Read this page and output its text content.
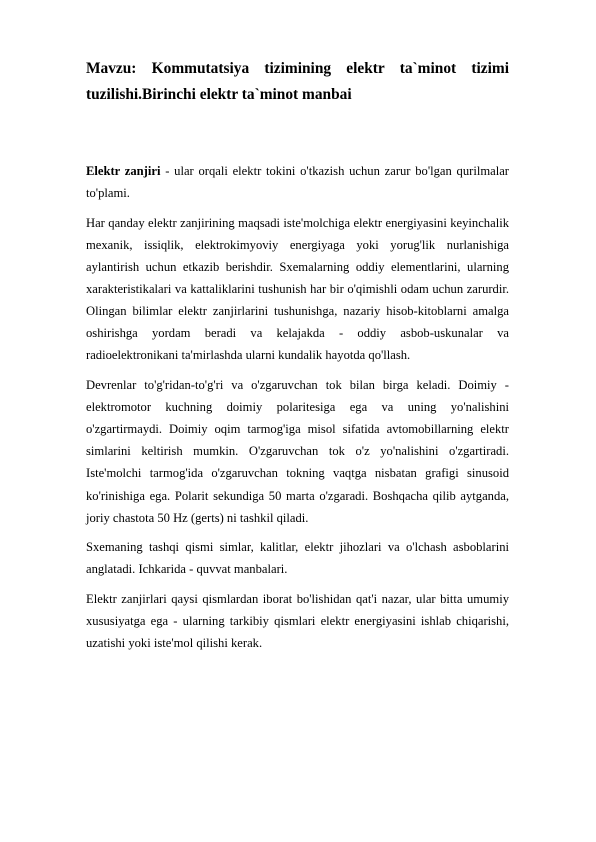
Mavzu: Kommutatsiya tizimining elektr ta`minot tizimi tuzilishi.Birinchi elektr ta`minot manbai

Elektr zanjiri - ular orqali elektr tokini o'tkazish uchun zarur bo'lgan qurilmalar to'plami.

Har qanday elektr zanjirining maqsadi iste'molchiga elektr energiyasini keyinchalik mexanik, issiqlik, elektrokimyoviy energiyaga yoki yorug'lik nurlanishiga aylantirish uchun etkazib berishdir. Sxemalarning oddiy elementlarini, ularning xarakteristikalari va kattaliklarini tushunish har bir o'qimishli odam uchun zarurdir. Olingan bilimlar elektr zanjirlarini tushunishga, nazariy hisob-kitoblarni amalga oshirishga yordam beradi va kelajakda - oddiy asbob-uskunalar va radioelektronikani ta'mirlashda ularni kundalik hayotda qo'llash.

Devrenlar to'g'ridan-to'g'ri va o'zgaruvchan tok bilan birga keladi. Doimiy - elektromotor kuchning doimiy polaritesiga ega va uning yo'nalishini o'zgartirmaydi. Doimiy oqim tarmog'iga misol sifatida avtomobillarning elektr simlarini keltirish mumkin. O'zgaruvchan tok o'z yo'nalishini o'zgartiradi. Iste'molchi tarmog'ida o'zgaruvchan tokning vaqtga nisbatan grafigi sinusoid ko'rinishiga ega. Polarit sekundiga 50 marta o'zgaradi. Boshqacha qilib aytganda, joriy chastota 50 Hz (gerts) ni tashkil qiladi.

Sxemaning tashqi qismi simlar, kalitlar, elektr jihozlari va o'lchash asboblarini anglatadi. Ichkarida - quvvat manbalari.

Elektr zanjirlari qaysi qismlardan iborat bo'lishidan qat'i nazar, ular bitta umumiy xususiyatga ega - ularning tarkibiy qismlari elektr energiyasini ishlab chiqarishi, uzatishi yoki iste'mol qilishi kerak.
